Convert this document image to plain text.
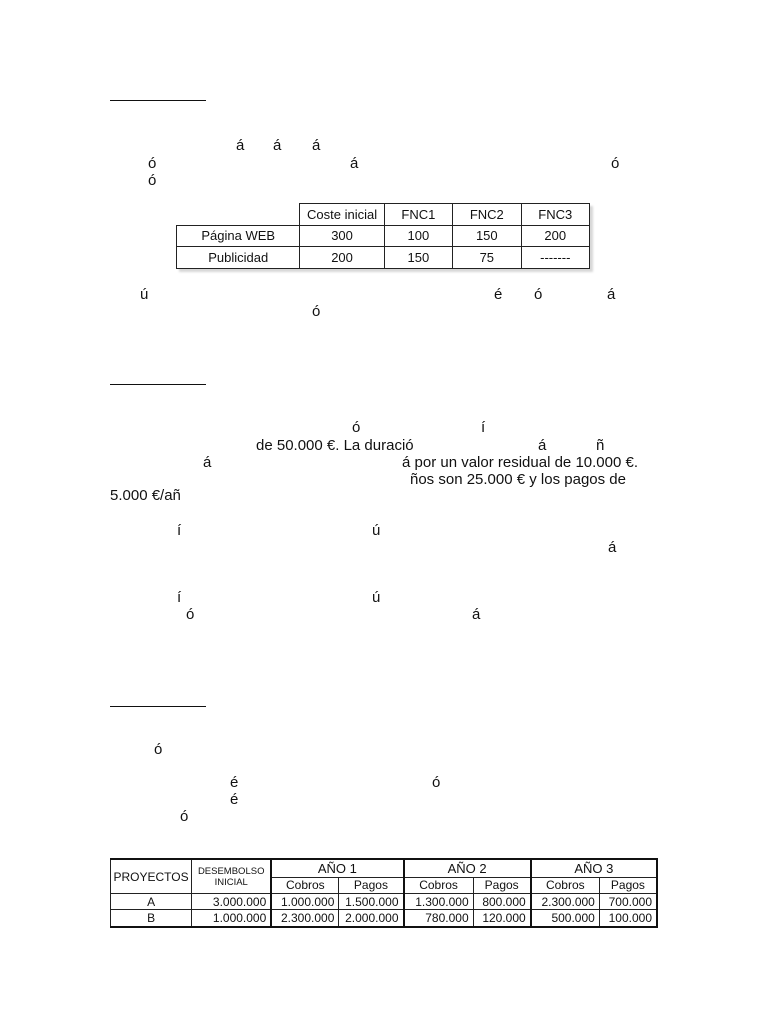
á á á
ó	á	ó
ó
	Coste inicial	FNC1	FNC2	FNC3
Página WEB	300	100	150	200
Publicidad	200	150	75	-------
ú	é ó	á
ó
ó	í
de 50.000 €. La duració	á	ñ
á	á por un valor residual de 10.000 €.
ños son 25.000 € y los pagos de
5.000 €/añ
í	ú
á
í	ú
ó	á
ó
é	ó
é
ó
PROYECTOS	DESEMBOLSO INICIAL	AÑO 1		AÑO 2		AÑO 3	
		Cobros	Pagos	Cobros	Pagos	Cobros	Pagos
A	3.000.000	1.000.000	1.500.000	1.300.000	800.000	2.300.000	700.000
B	1.000.000	2.300.000	2.000.000	780.000	120.000	500.000	100.000
